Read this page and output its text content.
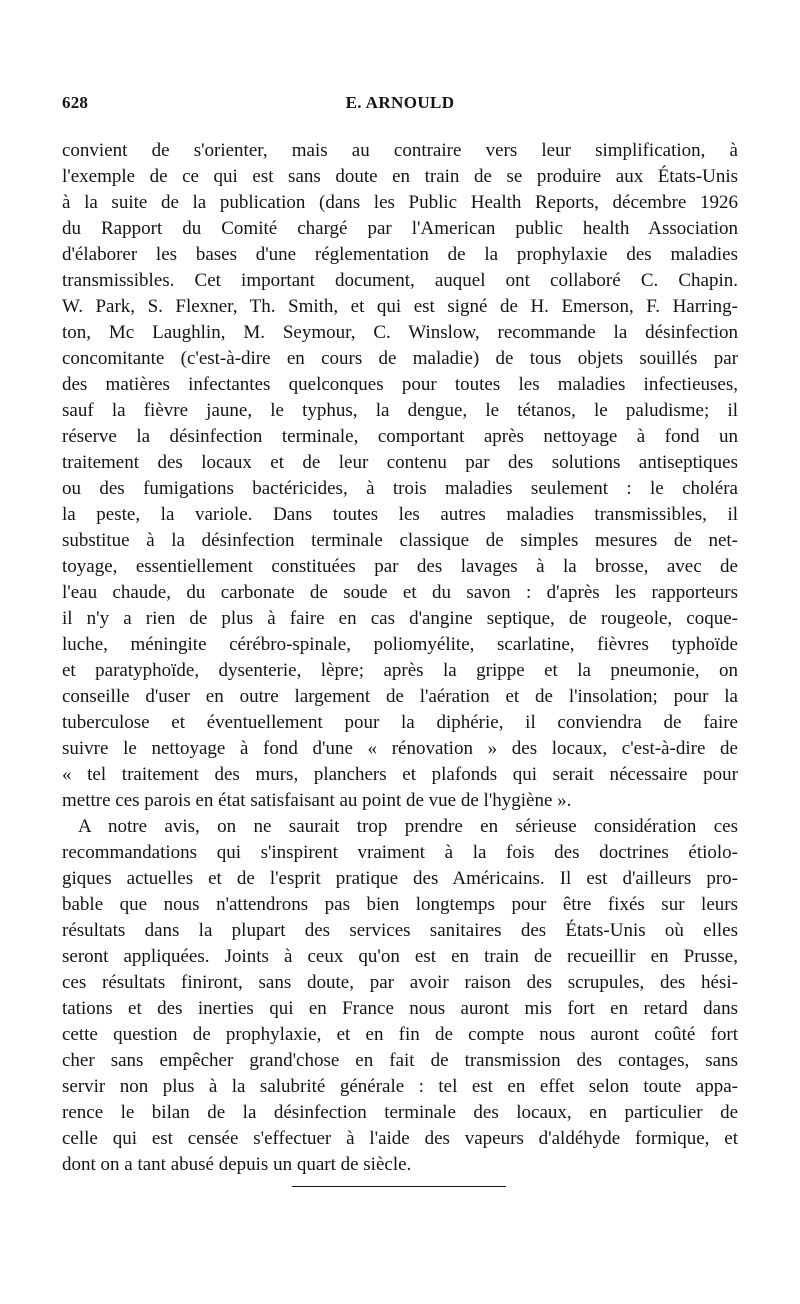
628	E. ARNOULD
convient de s'orienter, mais au contraire vers leur simplification, à
l'exemple de ce qui est sans doute en train de se produire aux États-Unis
à la suite de la publication (dans les Public Health Reports, décembre 1926
du Rapport du Comité chargé par l'American public health Association
d'élaborer les bases d'une réglementation de la prophylaxie des maladies
transmissibles. Cet important document, auquel ont collaboré C. Chapin.
W. Park, S. Flexner, Th. Smith, et qui est signé de H. Emerson, F. Harring-
ton, Mc Laughlin, M. Seymour, C. Winslow, recommande la désinfection
concomitante (c'est-à-dire en cours de maladie) de tous objets souillés par
des matières infectantes quelconques pour toutes les maladies infectieuses,
sauf la fièvre jaune, le typhus, la dengue, le tétanos, le paludisme; il
réserve la désinfection terminale, comportant après nettoyage à fond un
traitement des locaux et de leur contenu par des solutions antiseptiques
ou des fumigations bactéricides, à trois maladies seulement : le choléra
la peste, la variole. Dans toutes les autres maladies transmissibles, il
substitue à la désinfection terminale classique de simples mesures de net-
toyage, essentiellement constituées par des lavages à la brosse, avec de
l'eau chaude, du carbonate de soude et du savon : d'après les rapporteurs
il n'y a rien de plus à faire en cas d'angine septique, de rougeole, coque-
luche, méningite cérébro-spinale, poliomyélite, scarlatine, fièvres typhoïde
et paratyphoïde, dysenterie, lèpre; après la grippe et la pneumonie, on
conseille d'user en outre largement de l'aération et de l'insolation; pour la
tuberculose et éventuellement pour la diphérie, il conviendra de faire
suivre le nettoyage à fond d'une « rénovation » des locaux, c'est-à-dire de
« tel traitement des murs, planchers et plafonds qui serait nécessaire pour
mettre ces parois en état satisfaisant au point de vue de l'hygiène ».
A notre avis, on ne saurait trop prendre en sérieuse considération ces
recommandations qui s'inspirent vraiment à la fois des doctrines étiolo-
giques actuelles et de l'esprit pratique des Américains. Il est d'ailleurs pro-
bable que nous n'attendrons pas bien longtemps pour être fixés sur leurs
résultats dans la plupart des services sanitaires des États-Unis où elles
seront appliquées. Joints à ceux qu'on est en train de recueillir en Prusse,
ces résultats finiront, sans doute, par avoir raison des scrupules, des hési-
tations et des inerties qui en France nous auront mis fort en retard dans
cette question de prophylaxie, et en fin de compte nous auront coûté fort
cher sans empêcher grand'chose en fait de transmission des contages, sans
servir non plus à la salubrité générale : tel est en effet selon toute appa-
rence le bilan de la désinfection terminale des locaux, en particulier de
celle qui est censée s'effectuer à l'aide des vapeurs d'aldéhyde formique, et
dont on a tant abusé depuis un quart de siècle.
